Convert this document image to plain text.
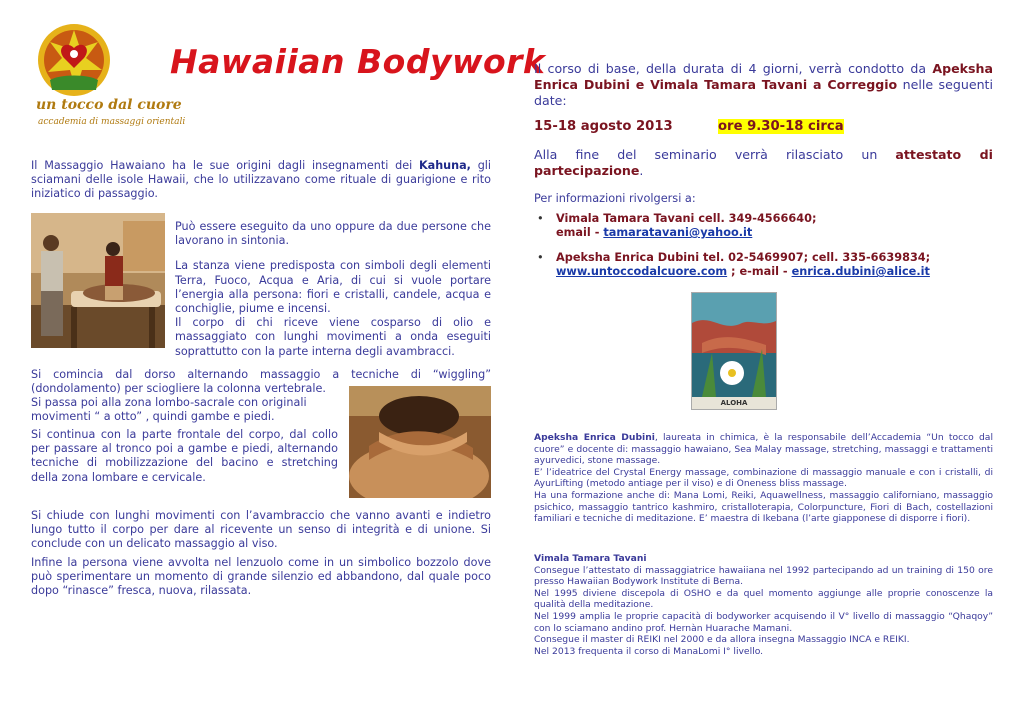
un tocco dal cuore
accademia di massaggi orientali
Hawaiian Bodywork
Il Massaggio Hawaiano ha le sue origini dagli insegnamenti dei Kahuna, gli sciamani delle isole Hawaii, che lo utilizzavano come rituale di guarigione e rito iniziatico di passaggio.
Può essere eseguito da uno oppure da due persone che lavorano in sintonia.
La stanza viene predisposta con simboli degli elementi Terra, Fuoco, Acqua e Aria, di cui si vuole portare l’energia alla persona: fiori e cristalli, candele, acqua e conchiglie, piume e incensi.
Il corpo di chi riceve viene cosparso di olio e massaggiato con lunghi movimenti a onda eseguiti soprattutto con la parte interna degli avambracci.
Si comincia dal dorso alternando massaggio a tecniche di “wiggling”
(dondolamento) per sciogliere la colonna vertebrale.
Si passa poi alla zona lombo-sacrale con originali movimenti “ a otto” , quindi gambe e piedi.
Si continua con la parte frontale del corpo, dal collo per passare al tronco poi a gambe e piedi, alternando tecniche di mobilizzazione del bacino e stretching della zona lombare e cervicale.
Si chiude con lunghi movimenti con l’avambraccio che vanno avanti e indietro lungo tutto il corpo per dare al ricevente un senso di integrità e di unione. Si conclude con un delicato massaggio al viso.
Infine la persona viene avvolta nel lenzuolo come in un simbolico bozzolo dove può sperimentare un momento di grande silenzio ed abbandono, dal quale poco dopo “rinasce” fresca, nuova, rilassata.
Il corso di base, della durata di 4 giorni, verrà condotto da Apeksha Enrica Dubini e Vimala Tamara Tavani a Correggio nelle seguenti date:
15-18 agosto 2013	ore 9.30-18 circa
Alla fine del seminario verrà rilasciato un attestato di partecipazione.
Per informazioni rivolgersi a:
• Vimala Tamara Tavani cell. 349-4566640;
email - tamaratavani@yahoo.it
• Apeksha Enrica Dubini tel. 02-5469907; cell. 335-6639834;
www.untoccodalcuore.com ; e-mail - enrica.dubini@alice.it
ALOHA
Apeksha Enrica Dubini, laureata in chimica, è la responsabile dell’Accademia “Un tocco dal cuore” e docente di: massaggio hawaiano, Sea Malay massage, stretching, massaggi e trattamenti ayurvedici, stone massage.
E’ l’ideatrice del Crystal Energy massage, combinazione di massaggio manuale e con i cristalli, di AyurLifting (metodo antiage per il viso) e di Oneness bliss massage.
Ha una formazione anche di: Mana Lomi, Reiki, Aquawellness, massaggio californiano, massaggio psichico, massaggio tantrico kashmiro, cristalloterapia, Colorpuncture, Fiori di Bach, costellazioni familiari e tecniche di meditazione. E’ maestra di Ikebana (l’arte giapponese di disporre i fiori).
Vimala Tamara Tavani
Consegue l’attestato di massaggiatrice hawaiiana nel 1992 partecipando ad un training di 150 ore presso Hawaiian Bodywork Institute di Berna.
Nel 1995 diviene discepola di OSHO e da quel momento aggiunge alle proprie conoscenze la qualità della meditazione.
Nel 1999 amplia le proprie capacità di bodyworker acquisendo il V° livello di massaggio “Qhaqoy” con lo sciamano andino prof. Hernàn Huarache Mamani.
Consegue il master di REIKI nel 2000 e da allora insegna Massaggio INCA e REIKI.
Nel 2013 frequenta il corso di ManaLomi I° livello.
